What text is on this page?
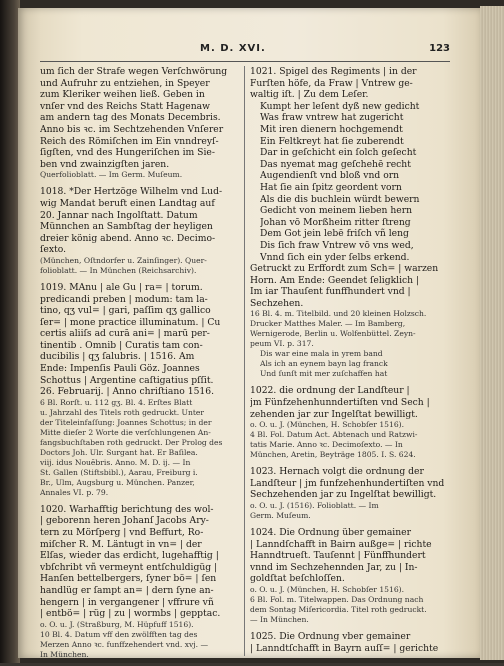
M. D. XVI.	123
um ſich der Strafe wegen Verſchwörung
und Aufruhr zu entziehen, in Speyer
zum Kleriker weihen ließ. Geben in
vnſer vnd des Reichs Statt Hagenaw
am andern tag des Monats Decembris.
Anno bis ꝛc. im Sechtzehenden Vnſerer
Reich des Römiſchen im Ein vnndreyſ-
ſigſten, vnd des Hungeriſchen im Sie-
ben vnd zwainzigſten jaren.
Querfolioblatt. — Im Germ. Muſeum.
1018. *Der Hertzöge Wilhelm vnd Lud-
wig Mandat beruft einen Landtag auf
20. Jannar nach Ingolſtatt. Datum
Münnchen an Sambſtag der heyligen
dreier könig abend. Anno ꝛc. Decimo-
ſexto.
(München, Oſtndorfer u. Zainſinger). Quer-
folioblatt. — In München (Reichsarchiv).
1019. MAnu | ale Gu | ra= | torum.
predicandi preben | modum: tam la-
tino, qʒ vul= | gari, paſſim qʒ gallico
ſer= | mone practice illuminatum. | Cu
certis aliiſs ad curā ani= | marū per-
tinentib . Omnib | Curatis tam con-
ducibilis | qʒ ſalubris. | 1516. Am
Ende: Impenſis Pauli Göz. Joannes
Schottus | Argentine caſtigatius pſſit.
26. Februarij. | Anno chriſtiano 1516.
6 Bl. Rorſt. u. 112 gʒ. Bl. 4. Erſtes Blatt
u. Jahrzahl des Titels roth gedruckt. Unter
der Titeleinfaſſung: Joannes Schottus; in der
Mitte dieſer 2 Worte die verſchlungenen An-
fangsbuchſtaben roth gedruckt. Der Prolog des
Doctors Joh. Ulr. Surgant hat. Er Baſilea.
viij. idus Nouēbris. Anno. M. D. ij. — In
St. Gallen (Stiftsbibl.), Aarau, Freiburg i.
Br., Ulm, Augsburg u. München. Panzer,
Annales VI. p. 79.
1020. Warhafftig berichtung des wol-
| geborenn heren Johanſ Jacobs Ary-
tern zu Mörſperg | vnd Beffurt, Ro-
miſcher R. M. Läntugt in vn= | der
Elſas, wieder das erdicht, lugehafftig |
vbſchribt vñ vermeynt entſchuldigüg |
Hanſen bettelbergers, ſyner bö= | ſen
handlüg er ſampt an= | dern ſyne an-
hengern | in vergangener | vffrure vñ
| entbö= | rüg | zu | wormbs | gepptac.
o. O. u. J. (Straßburg, M. Hüpfuff 1516).
10 Bl. 4. Datum vff den zwölfften tag des
Merzen Anno ꝛc. funffzehendert vnd. xvj. —
In München.
1021. Spigel des Regiments | in der
Furſten höfe, da Fraw | Vntrew ge-
waltig iſt. | Zu dem Leſer.
Kumpt her leſent dyß new gedicht
Was fraw vntrew hat zugericht
Mit iren dienern hochgemendt
Ein Feltkreyt hat ſie zuberendt
Dar in geſchicht ein ſolch geſecht
Das nyemat mag geſchehē recht
Augendienſt vnd bloß vnd orn
Hat ſie ain ſpitz geordent vorn
Als die dis buchlein würdt bewern
Gedicht von meinem lieben hern
Johan vō Morßheim ritter ſtreng
Dem Got jein lebē friſch vñ leng
Dis ſich fraw Vntrew vō vns wed,
Vnnd ſich ein yder ſelbs erkend.
Getruckt zu Erffordt zum Sch= | warzen
Horn. Am Ende: Geendet ſeligklich |
Im iar Thauſent funffhundert vnd |
Sechzehen.
16 Bl. 4. m. Titelbild. und 20 kleinen Holzsch.
Drucker Matthes Maler. — Im Bamberg,
Wernigerode, Berlin u. Wolfenbüttel. Zeyn-
peum VI. p. 317.
Dis war eine mala in yrem band
Als ich an eynem bayn lag franck
Und ſunſt mit mer zuſchaffen hat
1022. die ordnung der Landſteur |
jm Fünfzehenhunndertiſten vnd Sech |
zehenden jar zur Ingelſtat bewilligt.
o. O. u. J. (München, H. Schobſer 1516).
4 Bl. Fol. Datum Act. Abtenach und Ratzwi-
tatis Marie. Anno ꝛc. Decimoſexto. — In
München, Aretin, Beyträge 1805. I. S. 624.
1023. Hernach volgt die ordnung der
Landſteur | jm funfzehenhundertiſten vnd
Sechzehenden jar zu Ingelſtat bewilligt.
o. O. u. J. (1516). Folioblatt. — Im
Germ. Muſeum.
1024. Die Ordnung über gemainer
| Lanndſchafft in Bairn außge= | richte
Hanndtrueſt. Tauſennt | Fünffhundert
vnnd im Sechzehennden Jar, zu | In-
goldſtat beſchloſſen.
o. O. u. J. (München, H. Schobſer 1516).
6 Bl. Fol. m. Titelwappen. Das Ordnung nach
dem Sontag Miſericordia. Titel roth gedruckt.
— In München.
1025. Die Ordnung vber gemainer
| Lanndtſchafft in Bayrn auſſ= | gerichte
